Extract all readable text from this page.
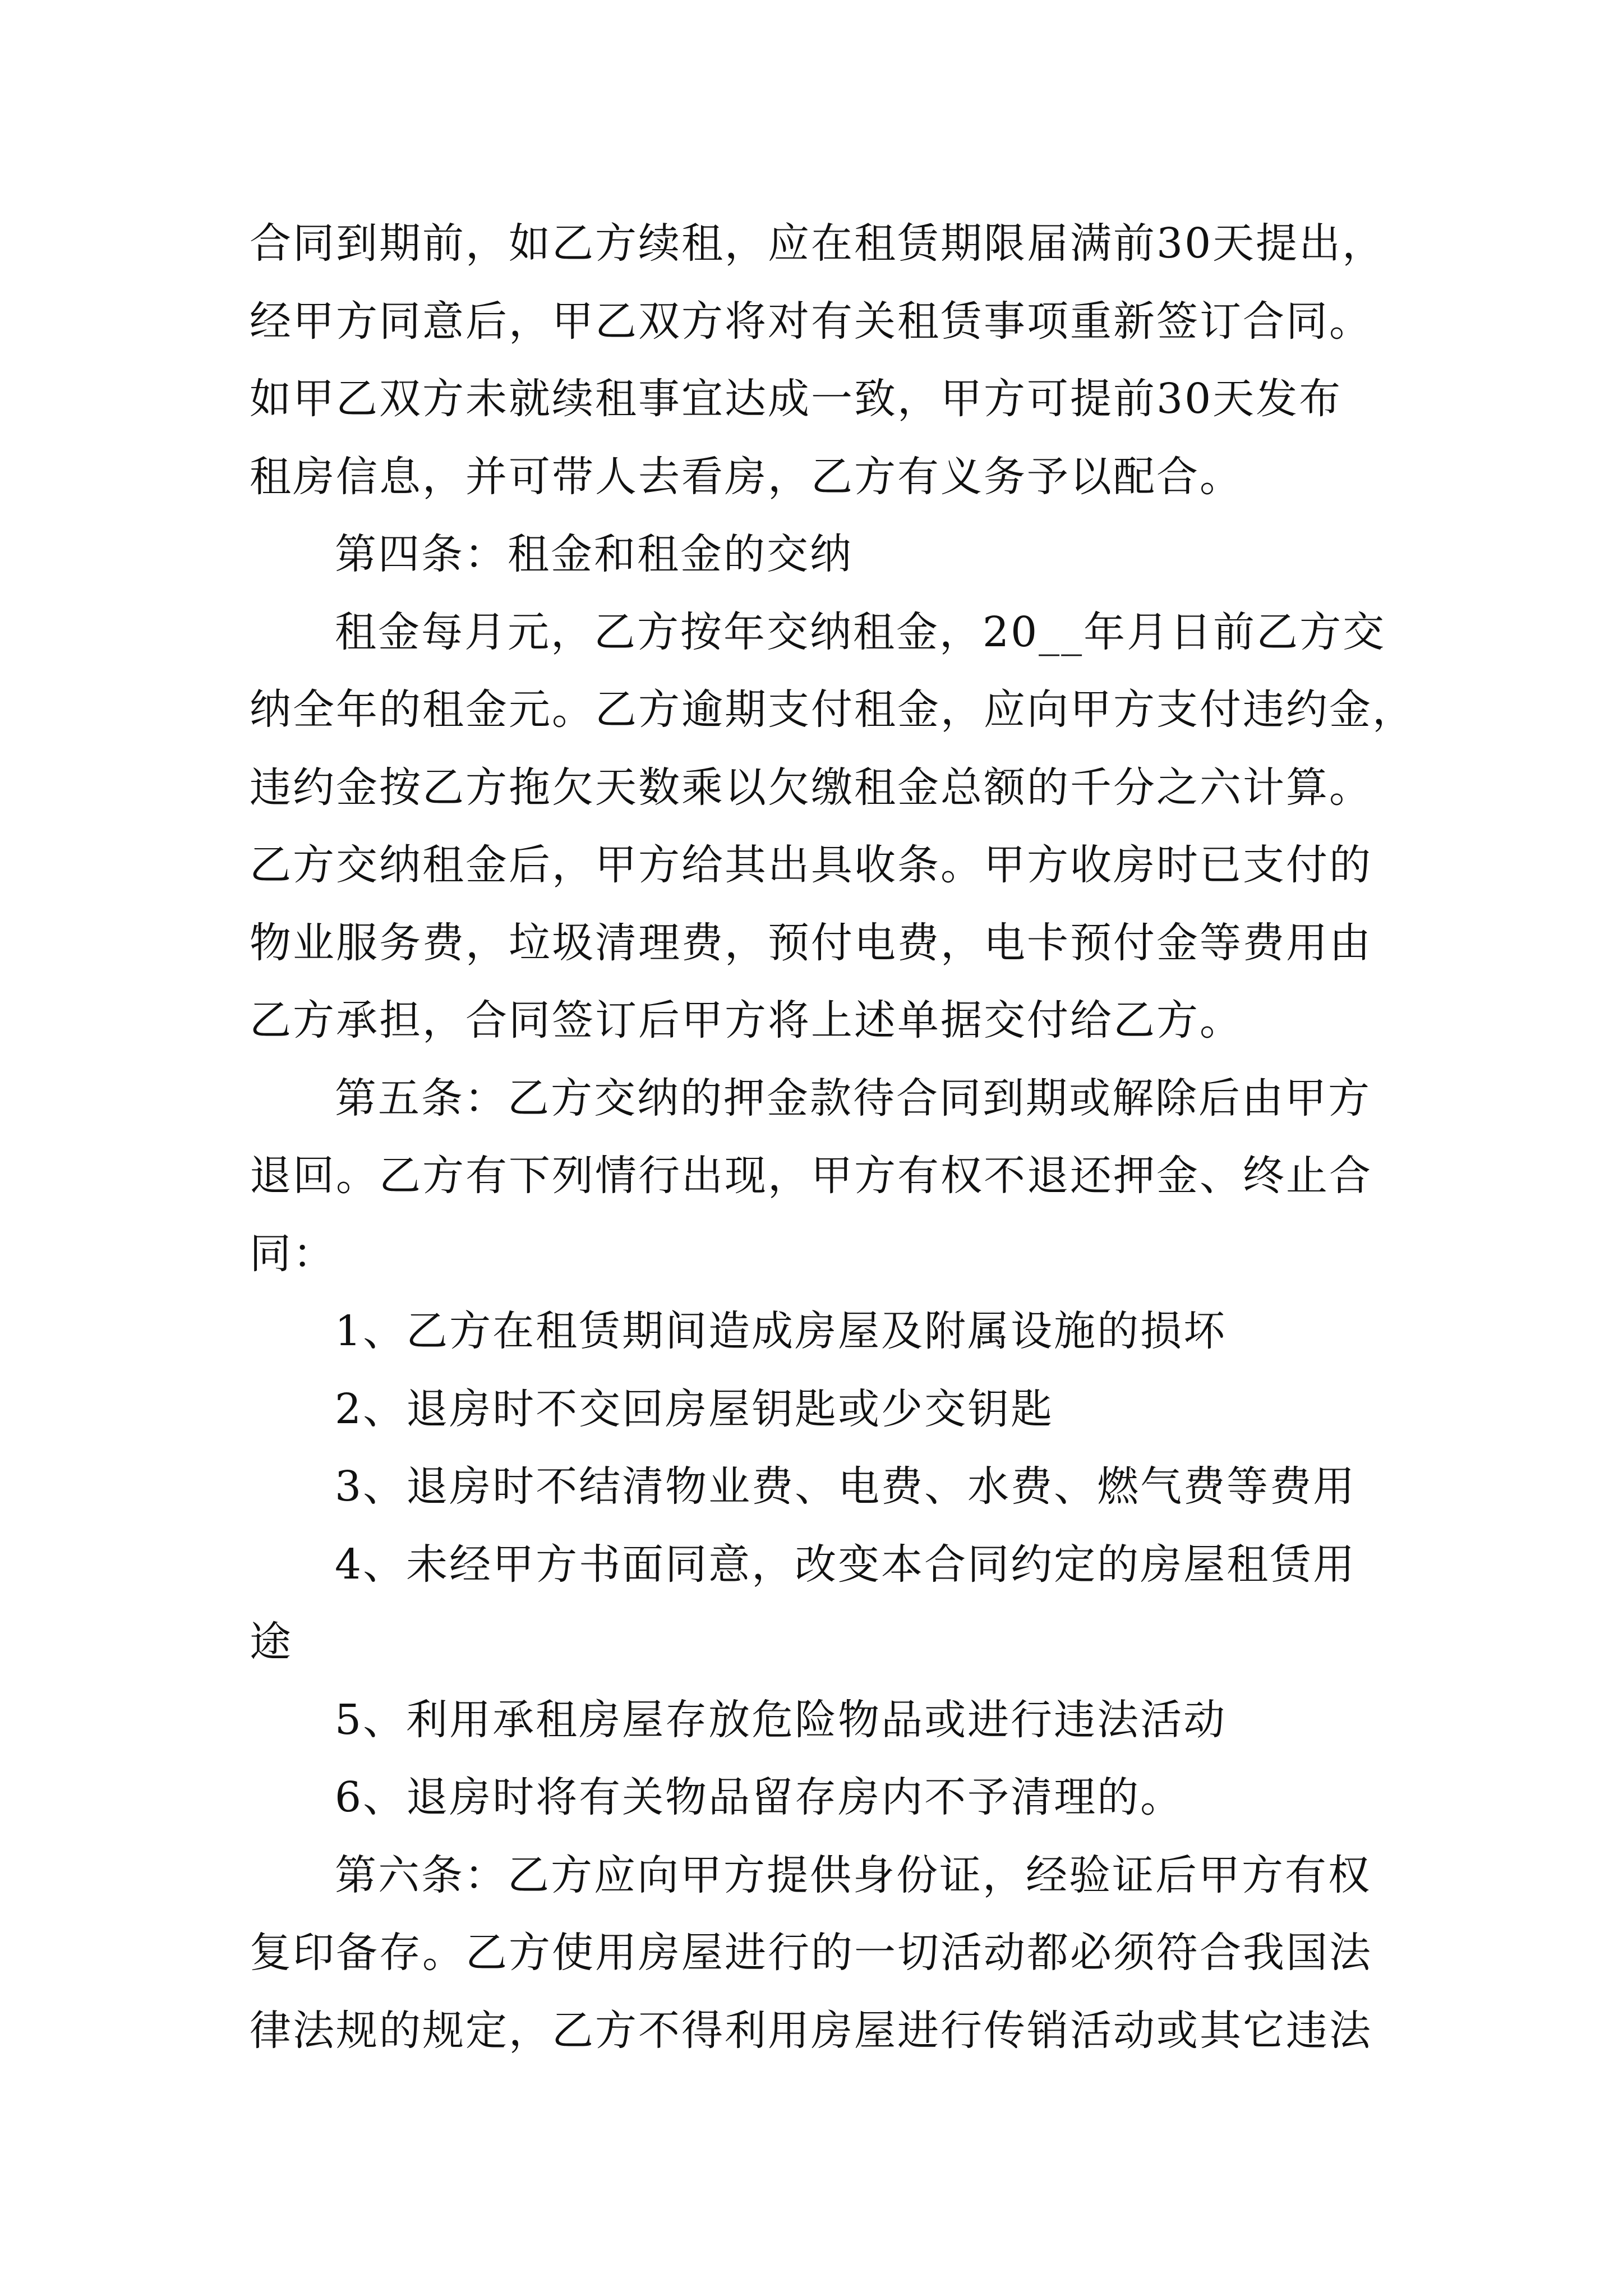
合同到期前，如乙方续租，应在租赁期限届满前30天提出，
经甲方同意后，甲乙双方将对有关租赁事项重新签订合同。
如甲乙双方未就续租事宜达成一致，甲方可提前30天发布
租房信息，并可带人去看房，乙方有义务予以配合。
第四条：租金和租金的交纳
租金每月元，乙方按年交纳租金，20__年月日前乙方交
纳全年的租金元。乙方逾期支付租金，应向甲方支付违约金，
违约金按乙方拖欠天数乘以欠缴租金总额的千分之六计算。
乙方交纳租金后，甲方给其出具收条。甲方收房时已支付的
物业服务费，垃圾清理费，预付电费，电卡预付金等费用由
乙方承担，合同签订后甲方将上述单据交付给乙方。
第五条：乙方交纳的押金款待合同到期或解除后由甲方
退回。乙方有下列情行出现，甲方有权不退还押金、终止合
同：
1、乙方在租赁期间造成房屋及附属设施的损坏
2、退房时不交回房屋钥匙或少交钥匙
3、退房时不结清物业费、电费、水费、燃气费等费用
4、未经甲方书面同意，改变本合同约定的房屋租赁用
途
5、利用承租房屋存放危险物品或进行违法活动
6、退房时将有关物品留存房内不予清理的。
第六条：乙方应向甲方提供身份证，经验证后甲方有权
复印备存。乙方使用房屋进行的一切活动都必须符合我国法
律法规的规定，乙方不得利用房屋进行传销活动或其它违法
